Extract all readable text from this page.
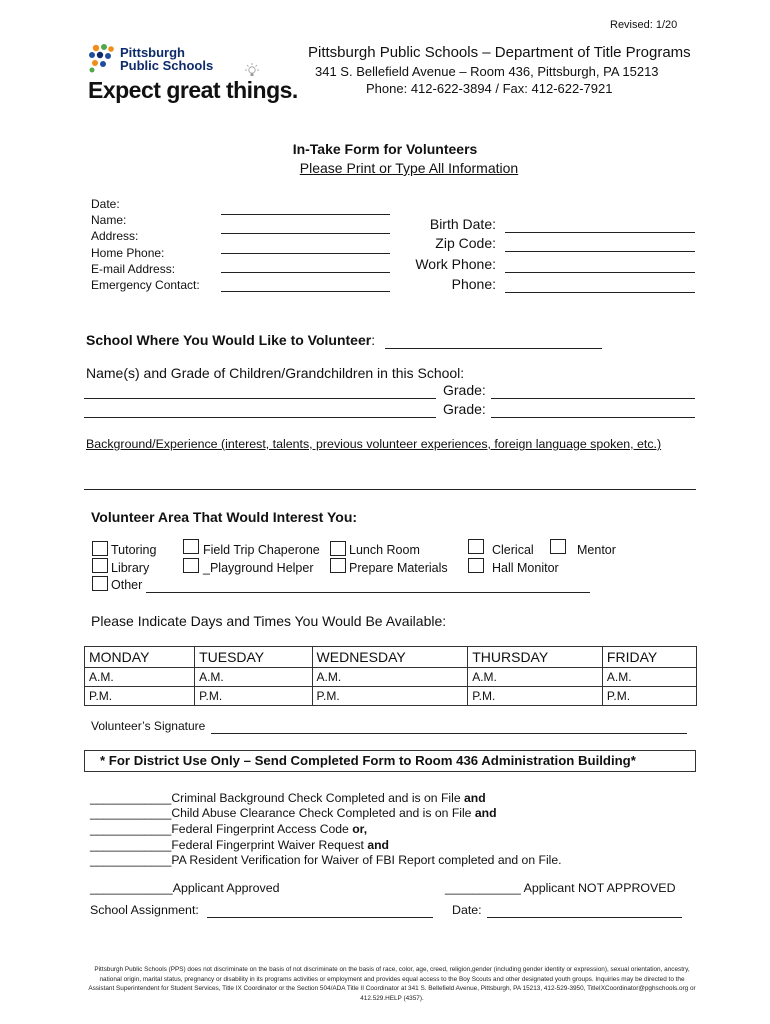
Revised: 1/20
Pittsburgh
Public Schools
Expect great things.
Pittsburgh Public Schools – Department of Title Programs
341 S. Bellefield Avenue – Room 436, Pittsburgh, PA 15213
Phone: 412-622-3894 / Fax: 412-622-7921
In-Take Form for Volunteers
Please Print or Type All Information
Date:
Name:
Address:
Home Phone:
E-mail Address:
Emergency Contact:
Birth Date:
Zip Code:
Work Phone:
Phone:
School Where You Would Like to Volunteer:
Name(s) and Grade of Children/Grandchildren in this School:
Grade:
Grade:
Background/Experience (interest, talents, previous volunteer experiences, foreign language spoken, etc.)
Volunteer Area That Would Interest You:
Tutoring
Library
Other
Field Trip Chaperone
_Playground Helper
Lunch Room
Prepare Materials
Clerical
Hall Monitor
Mentor
Please Indicate Days and Times You Would Be Available:
MONDAY	TUESDAY	WEDNESDAY	THURSDAY	FRIDAY
A.M.	A.M.	A.M.	A.M.	A.M.
P.M.	P.M.	P.M.	P.M.	P.M.
Volunteer’s Signature
* For District Use Only – Send Completed Form to Room 436 Administration Building*
____________Criminal Background Check Completed and is on File and
____________Child Abuse Clearance Check Completed and is on File and
____________Federal Fingerprint Access Code or,
____________Federal Fingerprint Waiver Request and
____________PA Resident Verification for Waiver of FBI Report completed and on File.
____________Applicant Approved	___________ Applicant NOT APPROVED
School Assignment:	Date:
Pittsburgh Public Schools (PPS) does not discriminate on the basis of not discriminate on the basis of race, color, age, creed, religion,gender (including gender identity or expression), sexual orientation, ancestry, national origin, marital status, pregnancy or disability in its programs activities or employment and provides equal access to the Boy Scouts and other designated youth groups. Inquiries may be directed to the Assistant Superintendent for Student Services, Title IX Coordinator or the Section 504/ADA Title II Coordinator at 341 S. Bellefield Avenue, Pittsburgh, PA 15213, 412-529-3950, TitleIXCoordinator@pghschools.org or 412.529.HELP (4357).
